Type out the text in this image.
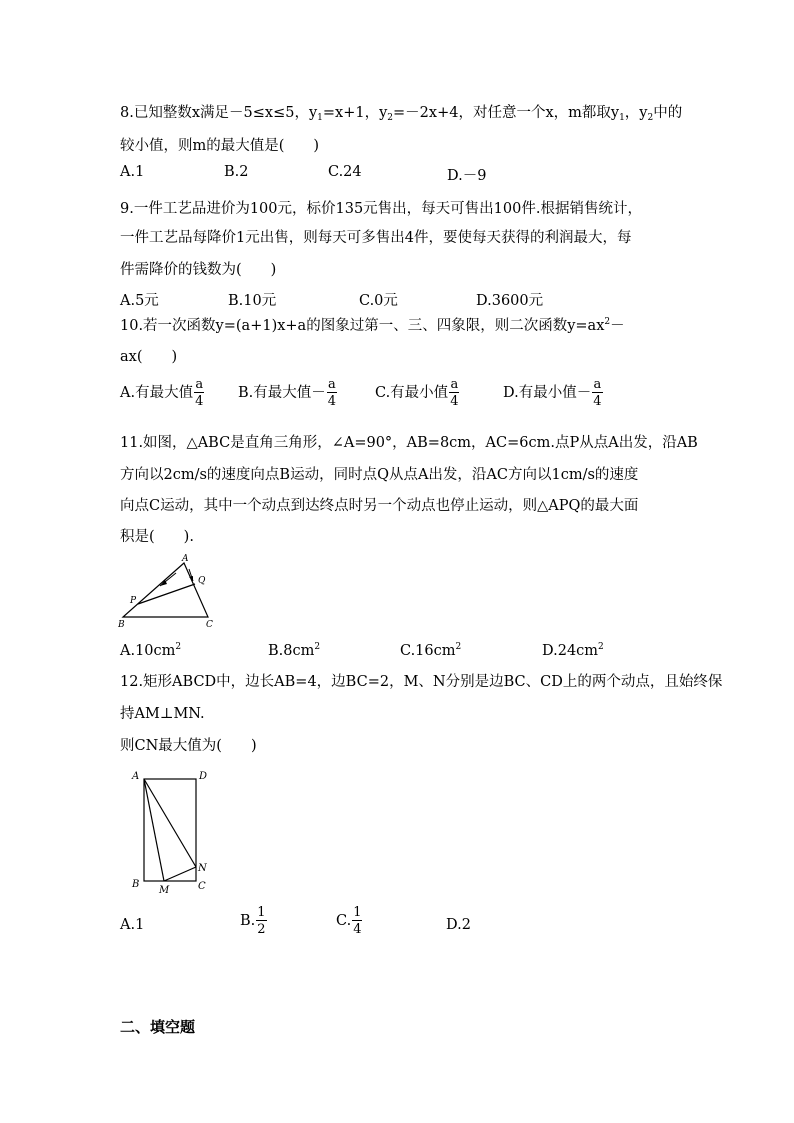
8.已知整数x满足－5≤x≤5，$y_1=x+1$，$y_2=-2x+4$，对任意一个x，m都取$y_1$，$y_2$中的
较小值，则m的最大值是(　　)
A.1	B.2	C.24	D.－9
9.一件工艺品进价为100元，标价135元售出，每天可售出100件.根据销售统计，
一件工艺品每降价1元出售，则每天可多售出4件，要使每天获得的利润最大，每
件需降价的钱数为(　　)
A.5元	B.10元	C.0元	D.3600元
10.若一次函数y=(a+1)x+a的图象过第一、三、四象限，则二次函数$y=ax^2-$
ax(　　)
A.有最大值 $\frac{a}{4} B$.有最大值－ $\frac{a}{4}$	C.有最小值 $\frac{a}{4}$	D.有最小值－ $\frac{a}{4}$
11.如图，△ABC是直角三角形，∠A=90°，AB=8cm，AC=6cm.点P从点A出发，沿AB
方向以2cm/s的速度向点B运动，同时点Q从点A出发，沿AC方向以1cm/s的速度
向点C运动，其中一个动点到达终点时另一个动点也停止运动，则△APQ的最大面
积是(　　).
A
B	C
P
Q
$A.10cm^2$	$B.8cm^2$	$C.16cm^2$	$D.24cm^2$
12.矩形ABCD中，边长AB=4，边BC=2，M、N分别是边BC、CD上的两个动点，且始终保
持AM⊥MN.
则CN最大值为(　　)
A	D
B	C
N
M
A.1	B. $\frac{1}{2}$	C. $\frac{1}{4}$	D.2
二、填空题
